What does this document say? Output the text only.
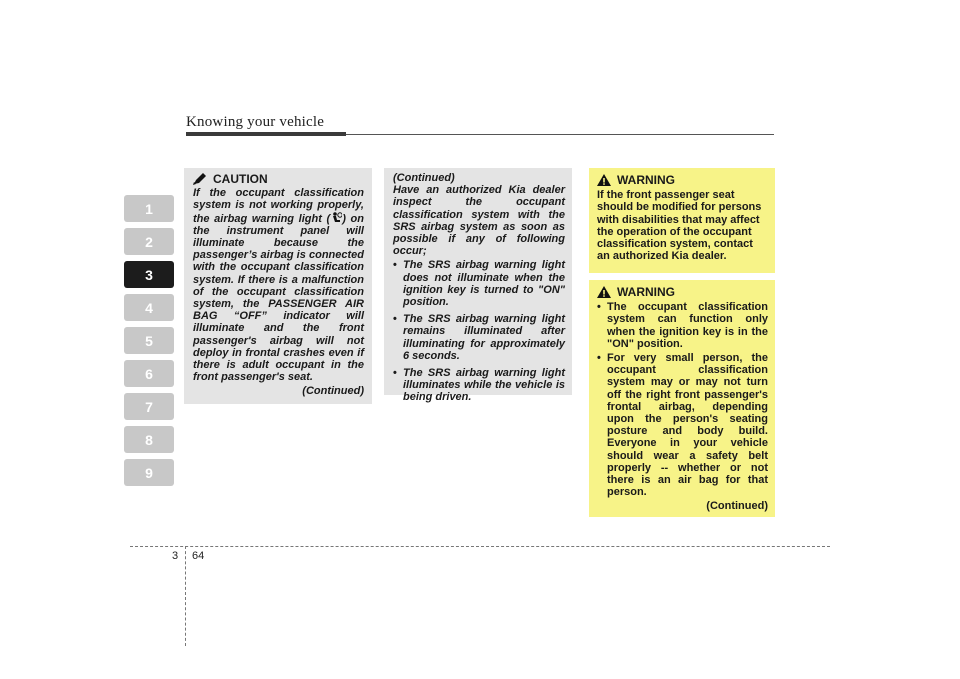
Knowing your vehicle
1
2
3
4
5
6
7
8
9
CAUTION

If the occupant classification system is not working properly, the airbag warning light ( ) on the instrument panel will illuminate because the passenger’s airbag is connected with the occupant classification system. If there is a malfunction of the occupant classification system, the PASSENGER AIR BAG “OFF” indicator will illuminate and the front passenger's airbag will not deploy in frontal crashes even if there is adult occupant in the front passenger's seat.

(Continued)

(Continued)

Have an authorized Kia dealer inspect the occupant classification system with the SRS airbag system as soon as possible if any of following occur;

• The SRS airbag warning light does not illuminate when the ignition key is turned to "ON" position.
• The SRS airbag warning light remains illuminated after illuminating for approximately 6 seconds.
• The SRS airbag warning light illuminates while the vehicle is being driven.
WARNING

If the front passenger seat should be modified for persons with disabilities that may affect the operation of the occupant classification system, contact an authorized Kia dealer.

WARNING
• The occupant classification system can function only when the ignition key is in the "ON" position.
• For very small person, the occupant classification system may or may not turn off the right front passenger's frontal airbag, depending upon the person's seating posture and body build. Everyone in your vehicle should wear a safety belt properly -- whether or not there is an air bag for that person.

(Continued)

3 64
